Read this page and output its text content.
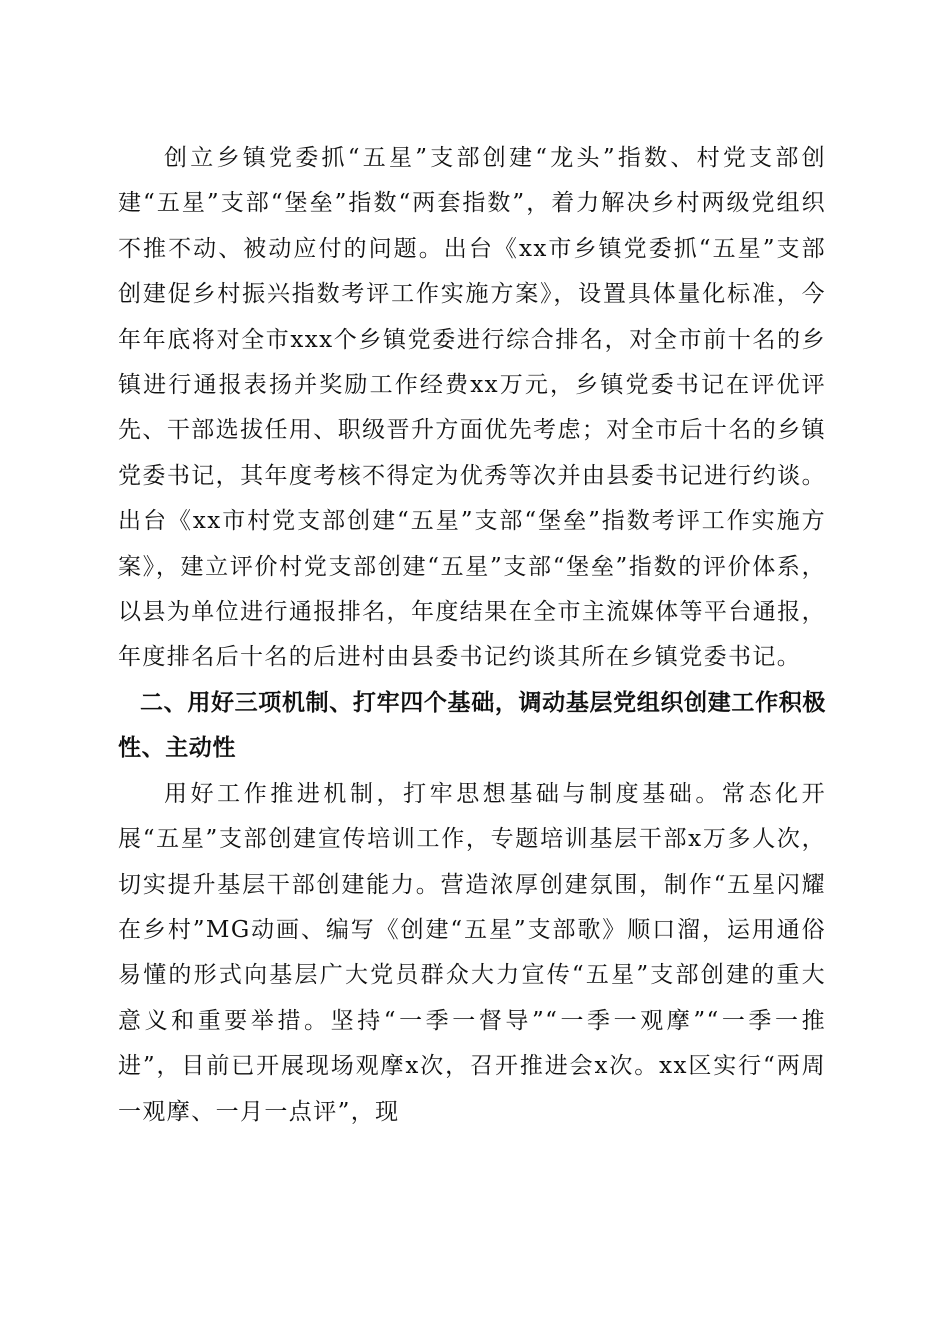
创立乡镇党委抓“五星”支部创建“龙头”指数、村党支部创建“五星”支部“堡垒”指数“两套指数”，着力解决乡村两级党组织不推不动、被动应付的问题。出台《xx市乡镇党委抓“五星”支部创建促乡村振兴指数考评工作实施方案》，设置具体量化标准，今年年底将对全市xxx个乡镇党委进行综合排名，对全市前十名的乡镇进行通报表扬并奖励工作经费xx万元，乡镇党委书记在评优评先、干部选拔任用、职级晋升方面优先考虑；对全市后十名的乡镇党委书记，其年度考核不得定为优秀等次并由县委书记进行约谈。出台《xx市村党支部创建“五星”支部“堡垒”指数考评工作实施方案》，建立评价村党支部创建“五星”支部“堡垒”指数的评价体系，以县为单位进行通报排名，年度结果在全市主流媒体等平台通报，年度排名后十名的后进村由县委书记约谈其所在乡镇党委书记。

二、用好三项机制、打牢四个基础，调动基层党组织创建工作积极性、主动性

用好工作推进机制，打牢思想基础与制度基础。常态化开展“五星”支部创建宣传培训工作，专题培训基层干部x万多人次，切实提升基层干部创建能力。营造浓厚创建氛围，制作“五星闪耀在乡村”MG动画、编写《创建“五星”支部歌》顺口溜，运用通俗易懂的形式向基层广大党员群众大力宣传“五星”支部创建的重大意义和重要举措。坚持“一季一督导”“一季一观摩”“一季一推进”，目前已开展现场观摩x次，召开推进会x次。xx区实行“两周一观摩、一月一点评”，现
